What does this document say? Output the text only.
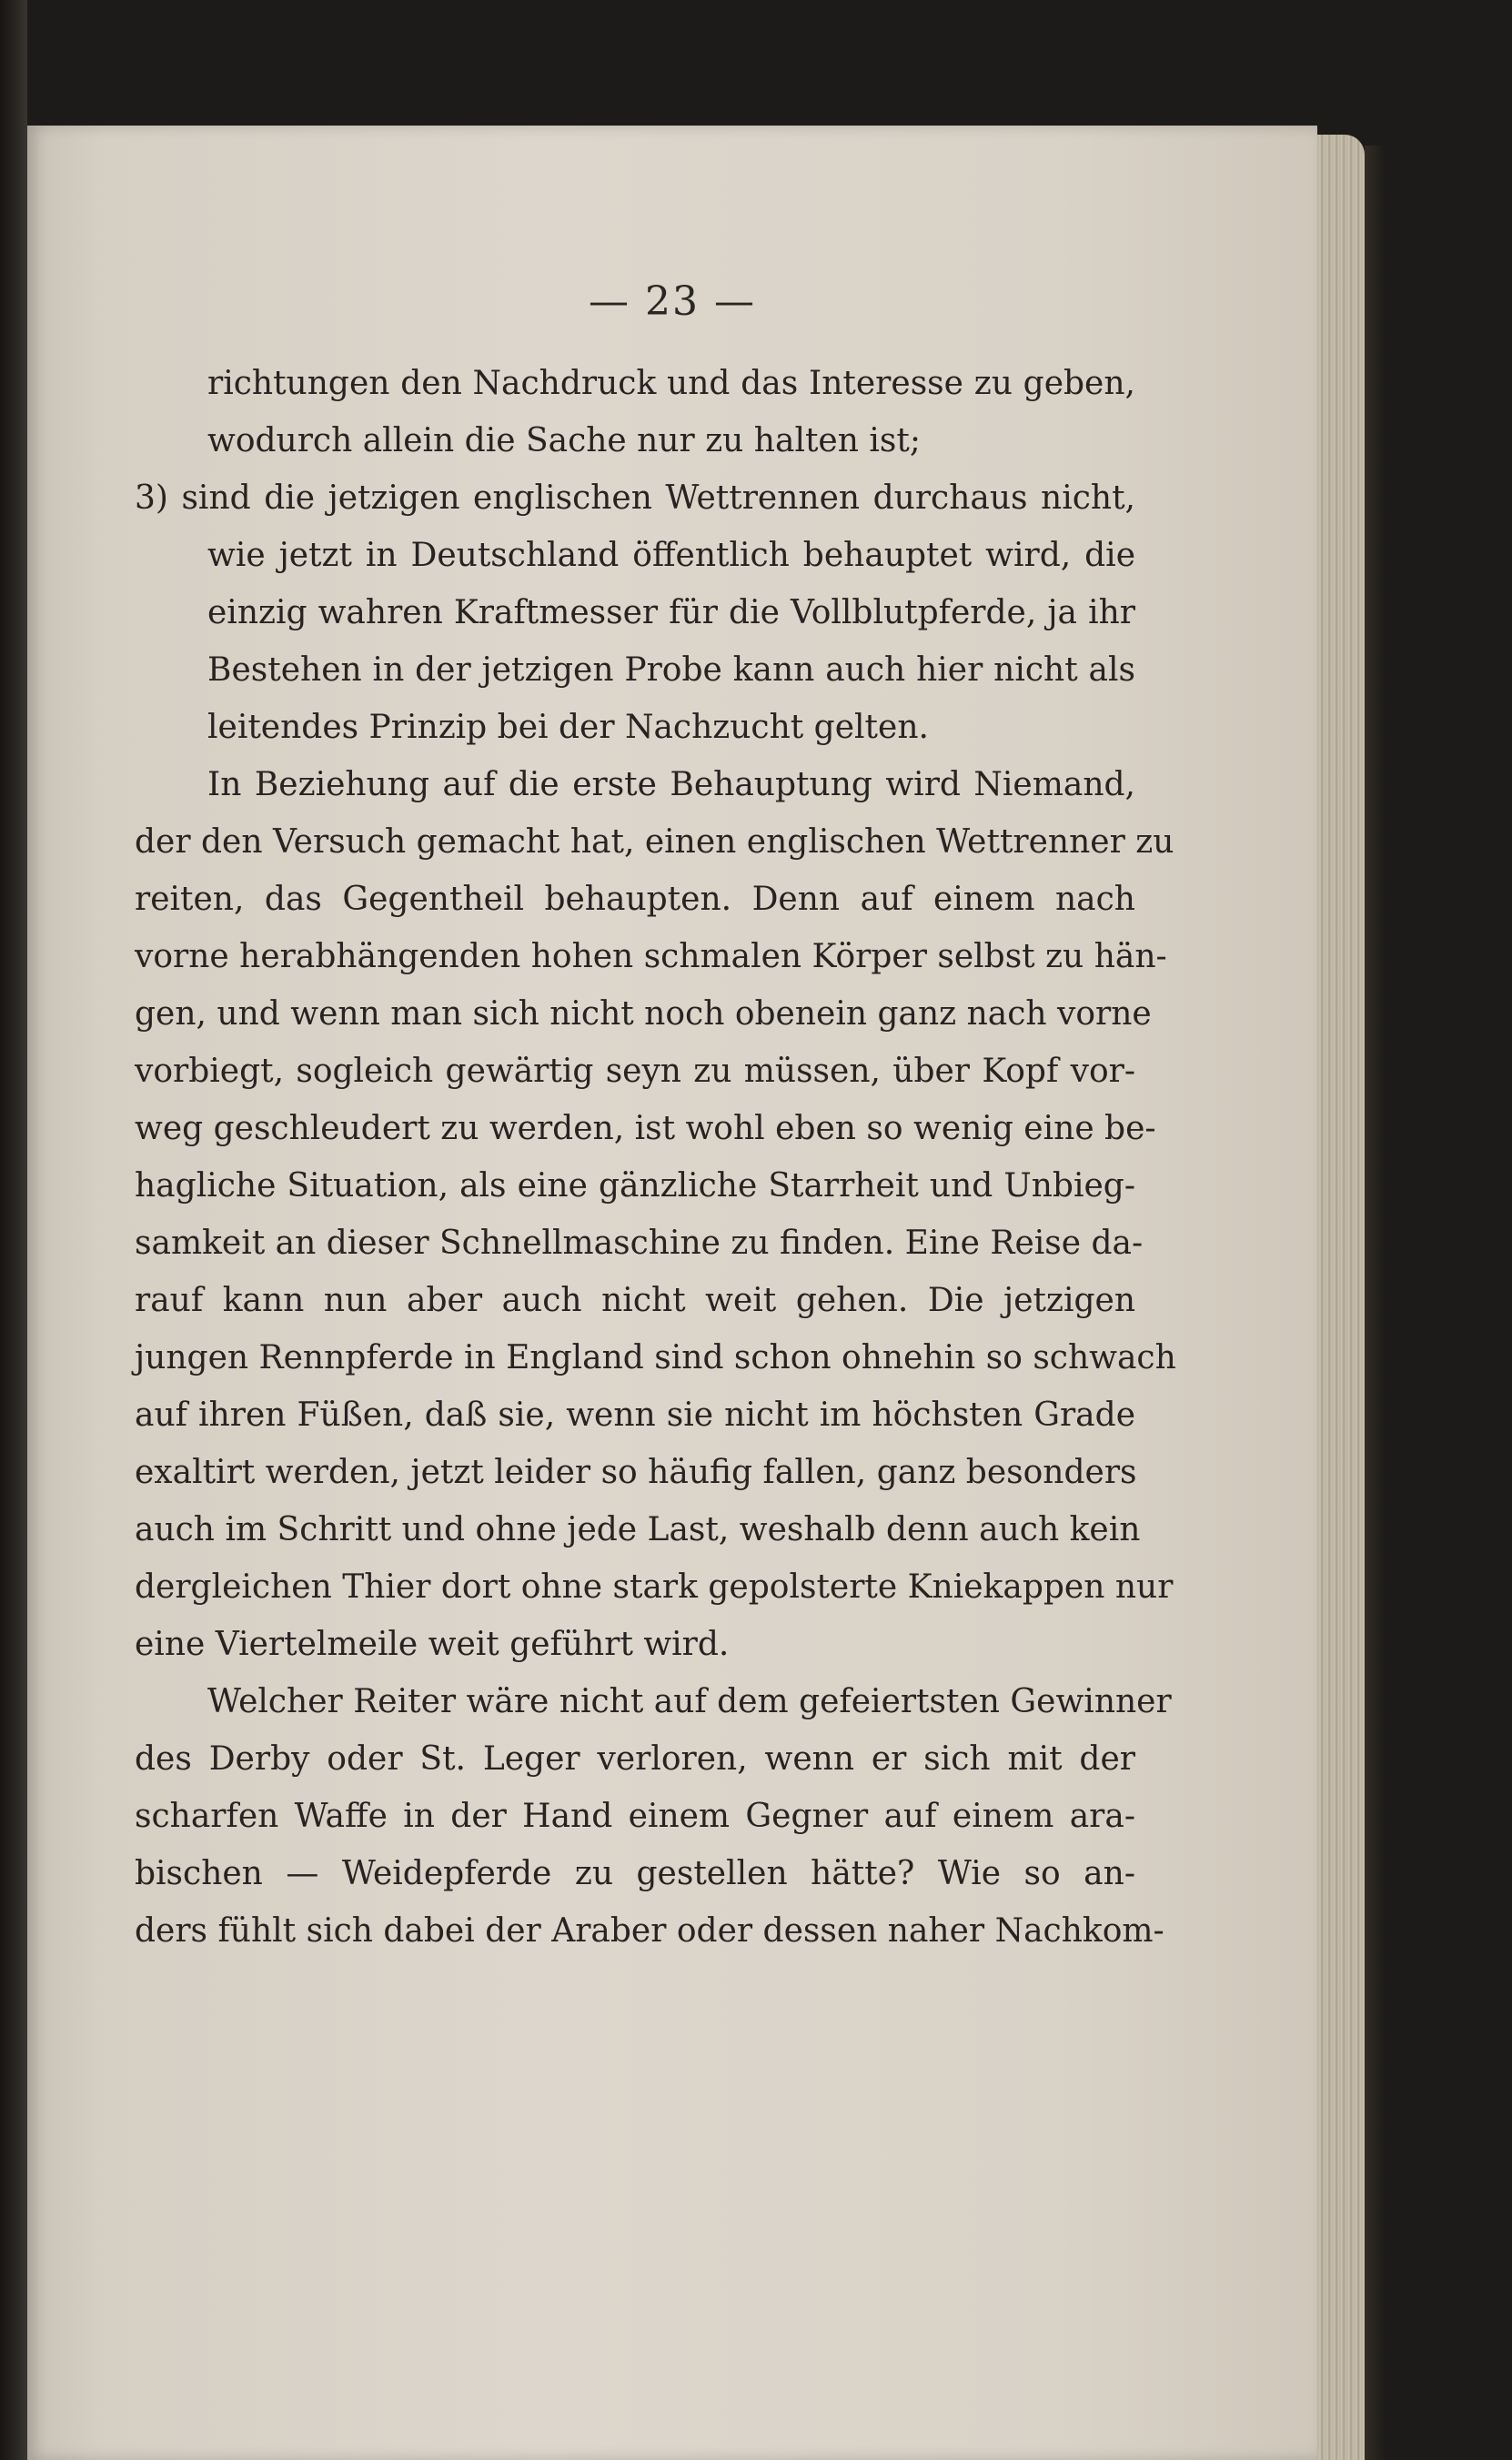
— 23 —
richtungen den Nachdruck und das Interesse zu geben,
wodurch allein die Sache nur zu halten ist;
3) sind die jetzigen englischen Wettrennen durchaus nicht,
wie jetzt in Deutschland öffentlich behauptet wird, die
einzig wahren Kraftmesser für die Vollblutpferde, ja ihr
Bestehen in der jetzigen Probe kann auch hier nicht als
leitendes Prinzip bei der Nachzucht gelten.
In Beziehung auf die erste Behauptung wird Niemand,
der den Versuch gemacht hat, einen englischen Wettrenner zu
reiten, das Gegentheil behaupten. Denn auf einem nach
vorne herabhängenden hohen schmalen Körper selbst zu hän-
gen, und wenn man sich nicht noch obenein ganz nach vorne
vorbiegt, sogleich gewärtig seyn zu müssen, über Kopf vor-
weg geschleudert zu werden, ist wohl eben so wenig eine be-
hagliche Situation, als eine gänzliche Starrheit und Unbieg-
samkeit an dieser Schnellmaschine zu finden. Eine Reise da-
rauf kann nun aber auch nicht weit gehen. Die jetzigen
jungen Rennpferde in England sind schon ohnehin so schwach
auf ihren Füßen, daß sie, wenn sie nicht im höchsten Grade
exaltirt werden, jetzt leider so häufig fallen, ganz besonders
auch im Schritt und ohne jede Last, weshalb denn auch kein
dergleichen Thier dort ohne stark gepolsterte Kniekappen nur
eine Viertelmeile weit geführt wird.
Welcher Reiter wäre nicht auf dem gefeiertsten Gewinner
des Derby oder St. Leger verloren, wenn er sich mit der
scharfen Waffe in der Hand einem Gegner auf einem ara-
bischen — Weidepferde zu gestellen hätte? Wie so an-
ders fühlt sich dabei der Araber oder dessen naher Nachkom-
